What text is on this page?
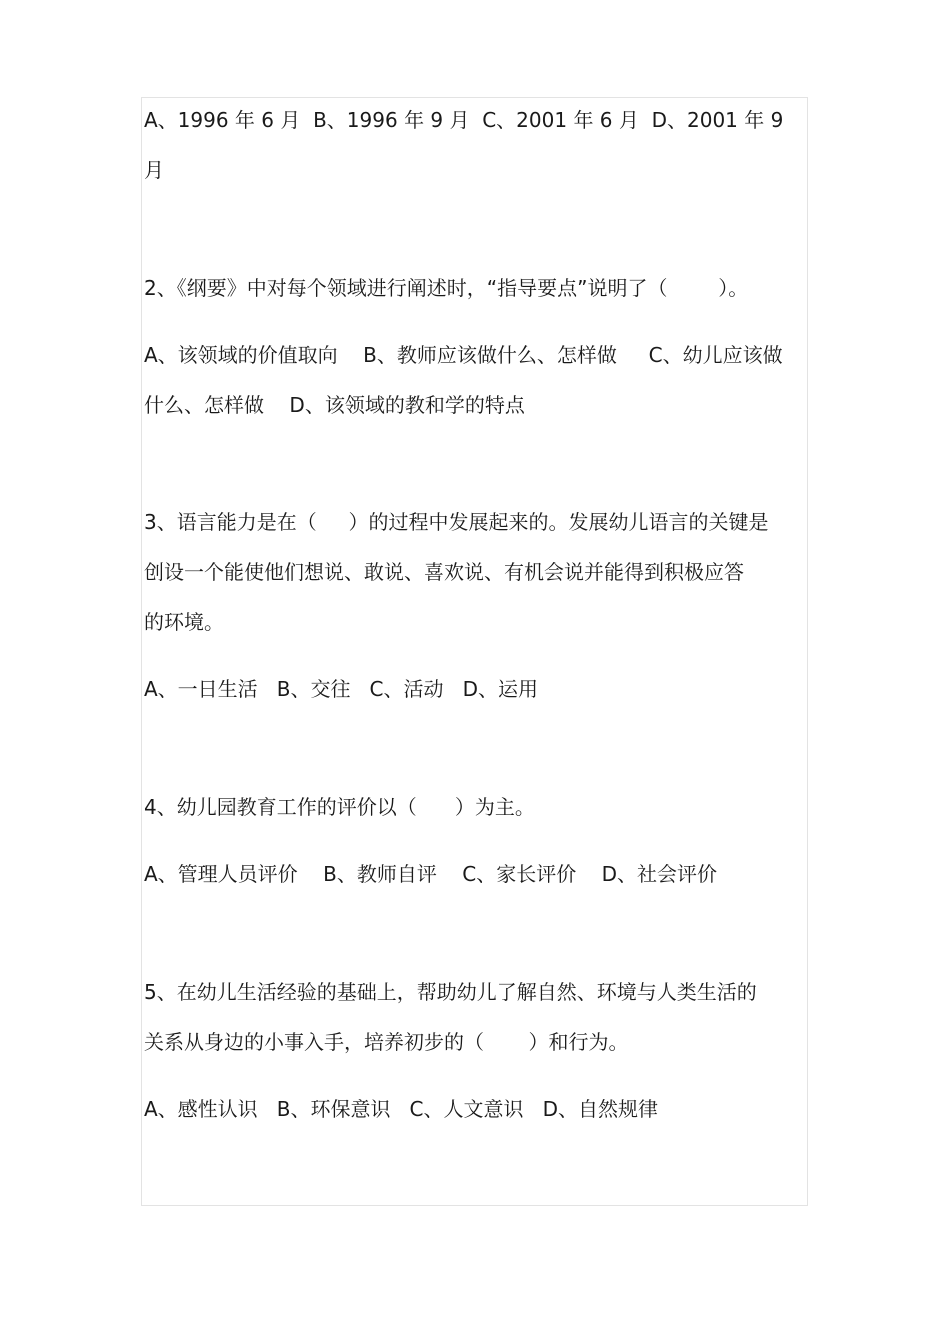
A、1996 年 6 月  B、1996 年 9 月  C、2001 年 6 月  D、2001 年 9
月
2、《纲要》中对每个领域进行阐述时，“指导要点”说明了（        ）。
A、该领域的价值取向    B、教师应该做什么、怎样做     C、幼儿应该做
什么、怎样做    D、该领域的教和学的特点
3、语言能力是在（     ）的过程中发展起来的。发展幼儿语言的关键是
创设一个能使他们想说、敢说、喜欢说、有机会说并能得到积极应答
的环境。
A、一日生活   B、交往   C、活动   D、运用
4、幼儿园教育工作的评价以（      ）为主。
A、管理人员评价    B、教师自评    C、家长评价    D、社会评价
5、在幼儿生活经验的基础上，帮助幼儿了解自然、环境与人类生活的
关系从身边的小事入手，培养初步的（       ）和行为。
A、感性认识   B、环保意识   C、人文意识   D、自然规律
